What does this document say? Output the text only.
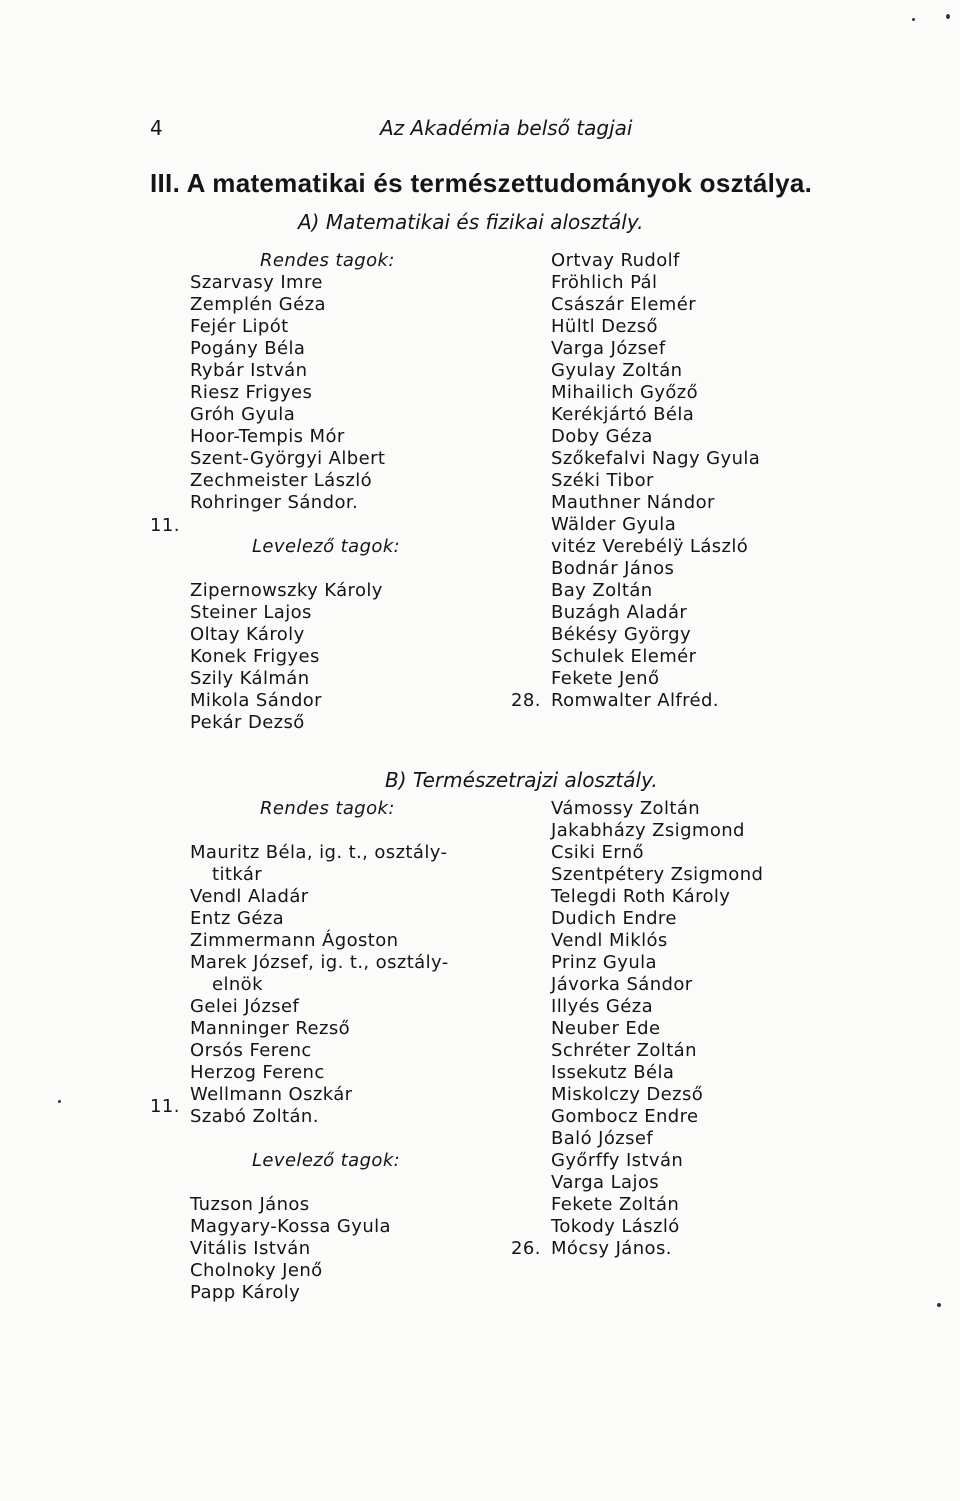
4	Az Akadémia belső tagjai
III. A matematikai és természettudományok osztálya.
A) Matematikai és fizikai alosztály.
Rendes tagok:
Szarvasy Imre
Zemplén Géza
Fejér Lipót
Pogány Béla
Rybár István
Riesz Frigyes
Gróh Gyula
Hoor-Tempis Mór
Szent-Györgyi Albert
Zechmeister László
Rohringer Sándor.
Levelező tagok:
Zipernowszky Károly
Steiner Lajos
Oltay Károly
Konek Frigyes
Szily Kálmán
Mikola Sándor
Pekár Dezső
11.
Ortvay Rudolf
Fröhlich Pál
Császár Elemér
Hültl Dezső
Varga József
Gyulay Zoltán
Mihailich Győző
Kerékjártó Béla
Doby Géza
Szőkefalvi Nagy Gyula
Széki Tibor
Mauthner Nándor
Wälder Gyula
vitéz Verebélÿ László
Bodnár János
Bay Zoltán
Buzágh Aladár
Békésy György
Schulek Elemér
Fekete Jenő
Romwalter Alfréd.
28.
B) Természetrajzi alosztály.
Rendes tagok:
Mauritz Béla, ig. t., osztály-
titkár
Vendl Aladár
Entz Géza
Zimmermann Ágoston
Marek József, ig. t., osztály-
elnök
Gelei József
Manninger Rezső
Orsós Ferenc
Herzog Ferenc
Wellmann Oszkár
Szabó Zoltán.
Levelező tagok:
Tuzson János
Magyary-Kossa Gyula
Vitális István
Cholnoky Jenő
Papp Károly
11.
Vámossy Zoltán
Jakabházy Zsigmond
Csiki Ernő
Szentpétery Zsigmond
Telegdi Roth Károly
Dudich Endre
Vendl Miklós
Prinz Gyula
Jávorka Sándor
Illyés Géza
Neuber Ede
Schréter Zoltán
Issekutz Béla
Miskolczy Dezső
Gombocz Endre
Baló József
Győrffy István
Varga Lajos
Fekete Zoltán
Tokody László
Mócsy János.
26.
